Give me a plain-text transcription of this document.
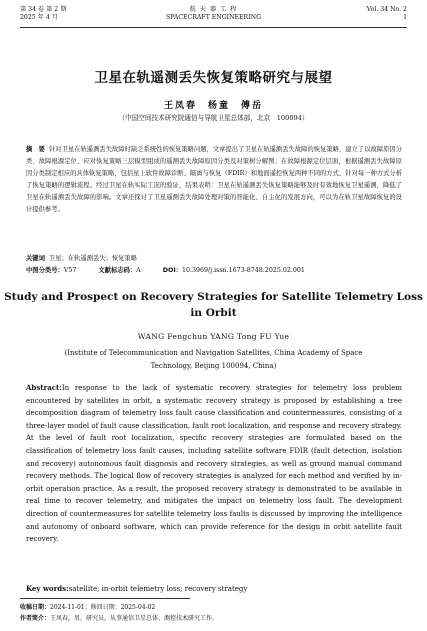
第 34 卷 第 2 期
2025 年 4 月
航 天 器 工 程
SPACECRAFT ENGINEERING
Vol. 34 No. 2
1
卫星在轨遥测丢失恢复策略研究与展望
王凤春　杨童　傅岳
（中国空间技术研究院通信与导航卫星总体部，北京　100094）
摘　要 针对卫星在轨遥测丢失故障时缺乏系统性的恢复策略问题，文章提出了卫星在轨遥测丢失故障的恢复策略，建立了以故障原因分类、故障根源定位、应对恢复策略三层模型组成的遥测丢失故障原因分类及对策树分解图；在故障根源定位层面，根据遥测丢失故障原因分类制定相应的具体恢复策略，包括星上软件故障诊断、隔离与恢复（FDIR）和地面遥控恢复两种不同的方式，针对每一种方式分析了恢复策略的逻辑流程。经过卫星在轨实际工况的验证，结果表明：卫星在轨遥测丢失恢复策略能够及时有效地恢复卫星遥测，降低了卫星在轨遥测丢失故障的影响。文章还探讨了卫星遥测丢失故障处理对策的智能化、自主化的发展方向，可以为在轨卫星故障恢复的设计提供参考。
关键词 卫星；在轨遥测丢失；恢复策略
中图分类号：V57	文献标志码：A	DOI：10.3969/j.issn.1673-8748.2025.02.001
Study and Prospect on Recovery Strategies for Satellite Telemetry Loss in Orbit
WANG Fengchun YANG Tong FU Yue
(Institute of Telecommunication and Navigation Satellites, China Academy of Space Technology, Beijing 100094, China)
Abstract:In response to the lack of systematic recovery strategies for telemetry loss problem encountered by satellites in orbit, a systematic recovery strategy is proposed by establishing a tree decomposition diagram of telemetry loss fault cause classification and countermeasures, consisting of a three-layer model of fault cause classification, fault root localization, and response and recovery strategy. At the level of fault root localization, specific recovery strategies are formulated based on the classification of telemetry loss fault causes, including satellite software FDIR (fault detection, isolation and recovery) autonomous fault diagnosis and recovery strategies, as well as ground manual command recovery methods. The logical flow of recovery strategies is analyzed for each method and verified by in-orbit operation practice. As a result, the proposed recovery strategy is demonstrated to be available in real time to recover telemetry, and mitigates the impact on telemetry loss fault. The development direction of countermeasures for satellite telemetry loss faults is discussed by improving the intelligence and autonomy of onboard software, which can provide reference for the design in orbit satellite fault recovery.
Key words:satellite; in-orbit telemetry loss; recovery strategy
收稿日期：2024-11-01；修回日期：2025-04-02
作者简介：王凤春，男，研究员，从事通信卫星总体、测控技术研究工作。
